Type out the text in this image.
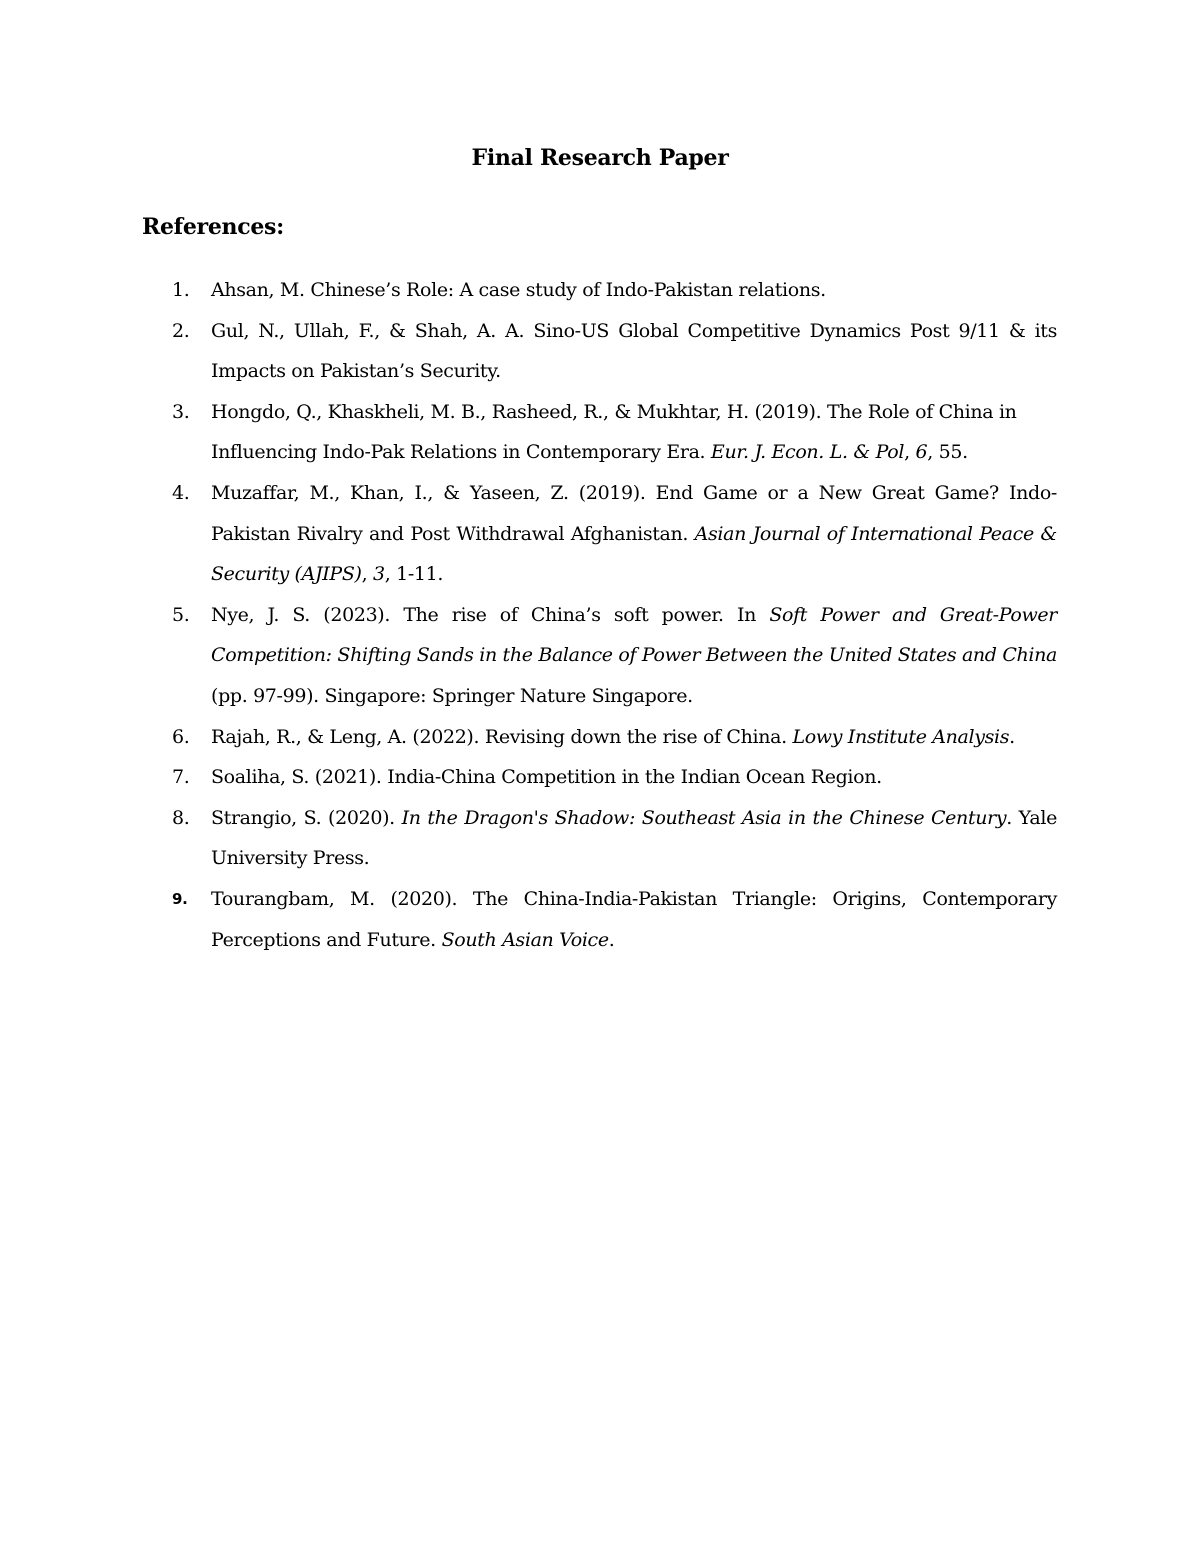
Final Research Paper
References:
1.	Ahsan, M. Chinese’s Role: A case study of Indo-Pakistan relations.
2.	Gul, N., Ullah, F., & Shah, A. A. Sino-US Global Competitive Dynamics Post 9/11 & its Impacts on Pakistan’s Security.
3.	Hongdo, Q., Khaskheli, M. B., Rasheed, R., & Mukhtar, H. (2019). The Role of China in Influencing Indo-Pak Relations in Contemporary Era. Eur. J. Econ. L. & Pol, 6, 55.
4.	Muzaffar, M., Khan, I., & Yaseen, Z. (2019). End Game or a New Great Game? Indo-Pakistan Rivalry and Post Withdrawal Afghanistan. Asian Journal of International Peace & Security (AJIPS), 3, 1-11.
5.	Nye, J. S. (2023). The rise of China’s soft power. In Soft Power and Great-Power Competition: Shifting Sands in the Balance of Power Between the United States and China (pp. 97-99). Singapore: Springer Nature Singapore.
6.	Rajah, R., & Leng, A. (2022). Revising down the rise of China. Lowy Institute Analysis.
7.	Soaliha, S. (2021). India-China Competition in the Indian Ocean Region.
8.	Strangio, S. (2020). In the Dragon's Shadow: Southeast Asia in the Chinese Century. Yale University Press.
9.	Tourangbam, M. (2020). The China-India-Pakistan Triangle: Origins, Contemporary Perceptions and Future. South Asian Voice.
